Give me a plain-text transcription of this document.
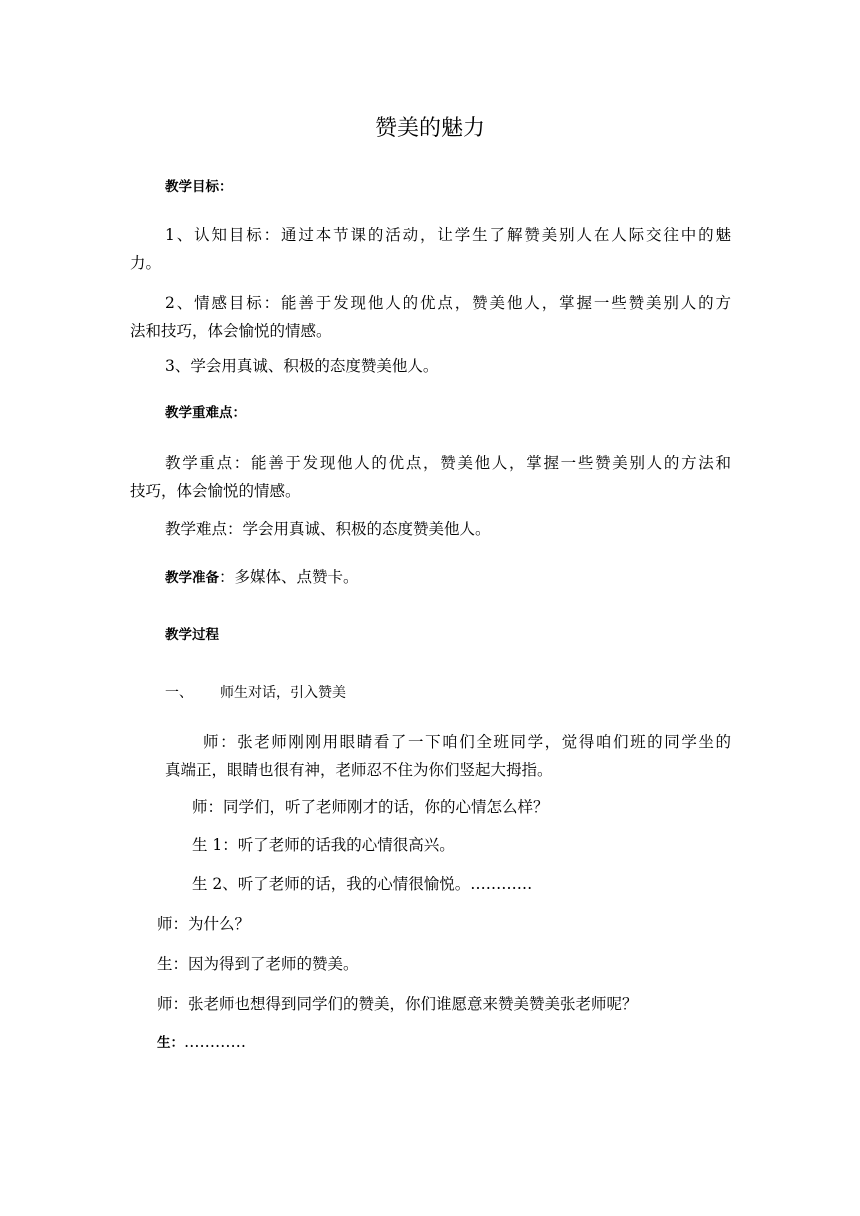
赞美的魅力
教学目标：
1、认知目标：通过本节课的活动，让学生了解赞美别人在人际交往中的魅
力。
2、情感目标：能善于发现他人的优点，赞美他人，掌握一些赞美别人的方
法和技巧，体会愉悦的情感。
3、学会用真诚、积极的态度赞美他人。
教学重难点：
教学重点：能善于发现他人的优点，赞美他人，掌握一些赞美别人的方法和
技巧，体会愉悦的情感。
教学难点：学会用真诚、积极的态度赞美他人。
教学准备：多媒体、点赞卡。
教学过程
一、 师生对话，引入赞美
师：张老师刚刚用眼睛看了一下咱们全班同学，觉得咱们班的同学坐的
真端正，眼睛也很有神，老师忍不住为你们竖起大拇指。
师：同学们，听了老师刚才的话，你的心情怎么样？
生 1：听了老师的话我的心情很高兴。
生 2、听了老师的话，我的心情很愉悦。…………
师：为什么？
生：因为得到了老师的赞美。
师：张老师也想得到同学们的赞美，你们谁愿意来赞美赞美张老师呢？
生：…………
